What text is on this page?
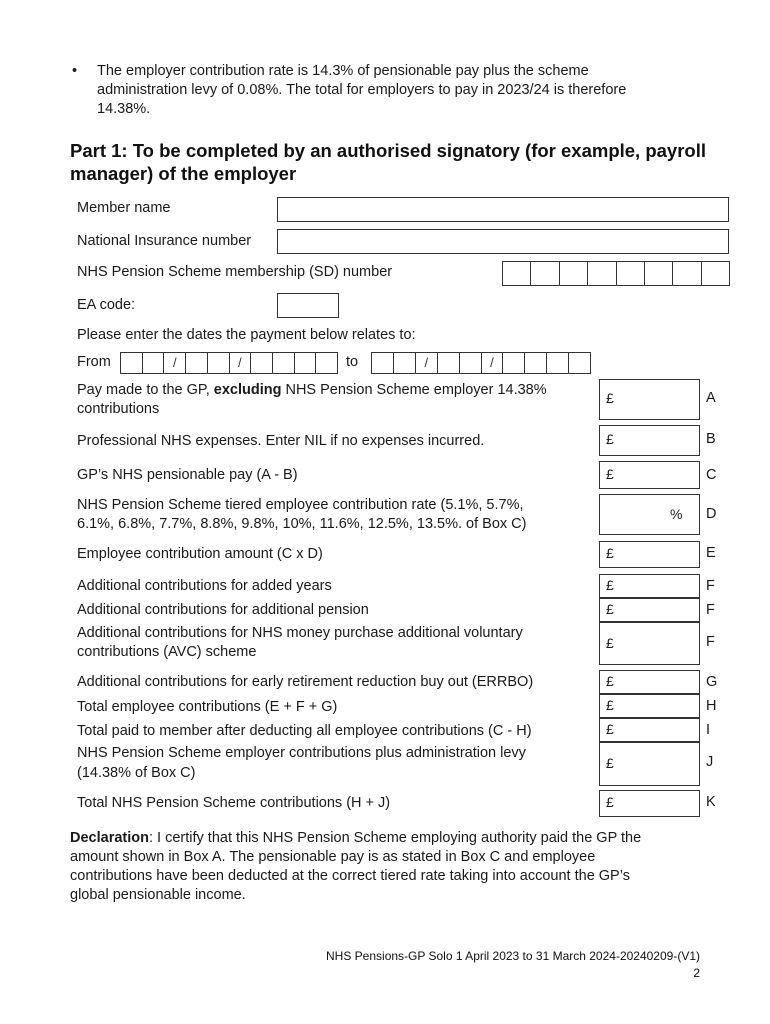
• The employer contribution rate is 14.3% of pensionable pay plus the scheme
administration levy of 0.08%. The total for employers to pay in 2023/24 is therefore
14.38%.
Part 1: To be completed by an authorised signatory (for example, payroll
manager) of the employer
Member name
National Insurance number
NHS Pension Scheme membership (SD) number
EA code:
Please enter the dates the payment below relates to:
From	/	/	to	/	/
Pay made to the GP, excluding NHS Pension Scheme employer 14.38%
contributions
£	A
Professional NHS expenses. Enter NIL if no expenses incurred.	£	B
GP’s NHS pensionable pay (A - B)	£	C
NHS Pension Scheme tiered employee contribution rate (5.1%, 5.7%,
6.1%, 6.8%, 7.7%, 8.8%, 9.8%, 10%, 11.6%, 12.5%, 13.5%. of Box C)
% D
Employee contribution amount (C x D)	£	E
Additional contributions for added years	£	F
Additional contributions for additional pension	£	F
Additional contributions for NHS money purchase additional voluntary
contributions (AVC) scheme
£	F
Additional contributions for early retirement reduction buy out (ERRBO)	£	G
Total employee contributions (E + F + G)	£	H
Total paid to member after deducting all employee contributions (C - H)	£	I
NHS Pension Scheme employer contributions plus administration levy
(14.38% of Box C)
£	J
Total NHS Pension Scheme contributions (H + J)	£	K
Declaration: I certify that this NHS Pension Scheme employing authority paid the GP the
amount shown in Box A. The pensionable pay is as stated in Box C and employee
contributions have been deducted at the correct tiered rate taking into account the GP’s
global pensionable income.
NHS Pensions-GP Solo 1 April 2023 to 31 March 2024-20240209-(V1)
2
